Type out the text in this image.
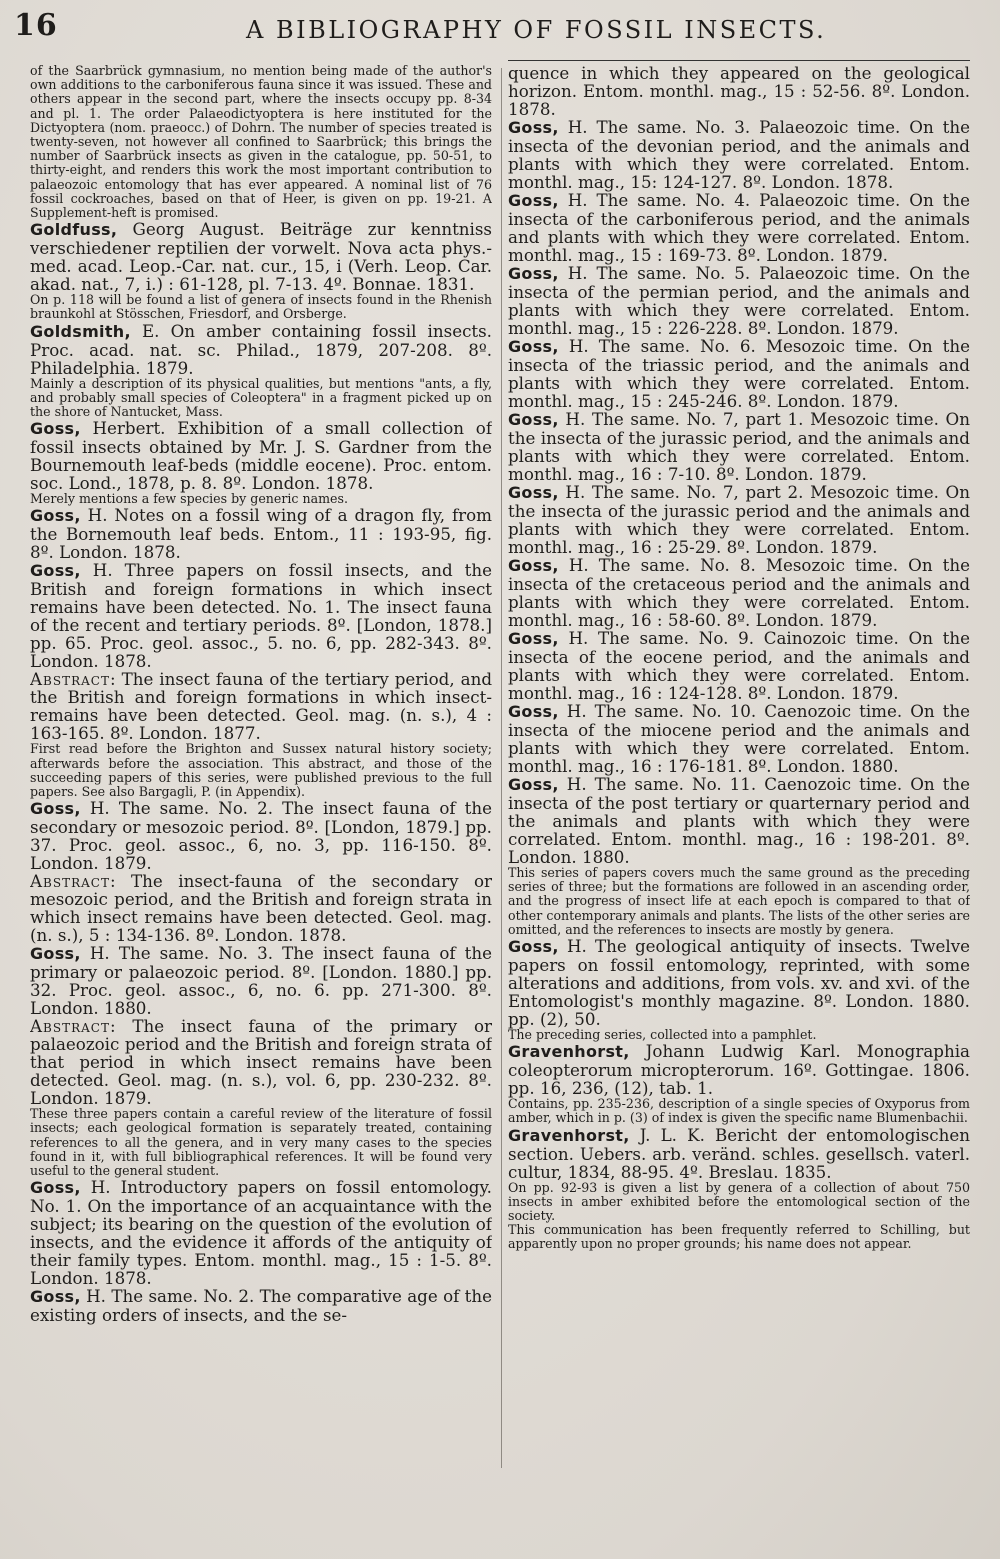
16	A BIBLIOGRAPHY OF FOSSIL INSECTS.

of the Saarbrück gymnasium, no mention being made of the author's own additions to the carboniferous fauna since it was issued. These and others appear in the second part, where the insects occupy pp. 8-34 and pl. 1. The order Palaeodictyoptera is here instituted for the Dictyoptera (nom. praeocc.) of Dohrn. The number of species treated is twenty-seven, not however all confined to Saarbrück; this brings the number of Saarbrück insects as given in the catalogue, pp. 50-51, to thirty-eight, and renders this work the most important contribution to palaeozoic entomology that has ever appeared. A nominal list of 76 fossil cockroaches, based on that of Heer, is given on pp. 19-21. A Supplement-heft is promised.

Goldfuss, Georg August. Beiträge zur kenntniss verschiedener reptilien der vorwelt. Nova acta phys.-med. acad. Leop.-Car. nat. cur., 15, i (Verh. Leop. Car. akad. nat., 7, i.) : 61-128, pl. 7-13. 4º. Bonnae. 1831.

On p. 118 will be found a list of genera of insects found in the Rhenish braunkohl at Stösschen, Friesdorf, and Orsberge.

Goldsmith, E. On amber containing fossil insects. Proc. acad. nat. sc. Philad., 1879, 207-208. 8º. Philadelphia. 1879.

Mainly a description of its physical qualities, but mentions "ants, a fly, and probably small species of Coleoptera" in a fragment picked up on the shore of Nantucket, Mass.

Goss, Herbert. Exhibition of a small collection of fossil insects obtained by Mr. J. S. Gardner from the Bournemouth leaf-beds (middle eocene). Proc. entom. soc. Lond., 1878, p. 8. 8º. London. 1878.

Merely mentions a few species by generic names.

Goss, H. Notes on a fossil wing of a dragon fly, from the Bornemouth leaf beds. Entom., 11 : 193-95, fig. 8º. London. 1878.

Goss, H. Three papers on fossil insects, and the British and foreign formations in which insect remains have been detected. No. 1. The insect fauna of the recent and tertiary periods. 8º. [London, 1878.] pp. 65. Proc. geol. assoc., 5. no. 6, pp. 282-343. 8º. London. 1878.

Abstract: The insect fauna of the tertiary period, and the British and foreign formations in which insect-remains have been detected. Geol. mag. (n. s.), 4 : 163-165. 8º. London. 1877.

First read before the Brighton and Sussex natural history society; afterwards before the association. This abstract, and those of the succeeding papers of this series, were published previous to the full papers. See also Bargagli, P. (in Appendix).

Goss, H. The same. No. 2. The insect fauna of the secondary or mesozoic period. 8º. [London, 1879.] pp. 37. Proc. geol. assoc., 6, no. 3, pp. 116-150. 8º. London. 1879.

Abstract: The insect-fauna of the secondary or mesozoic period, and the British and foreign strata in which insect remains have been detected. Geol. mag. (n. s.), 5 : 134-136. 8º. London. 1878.

Goss, H. The same. No. 3. The insect fauna of the primary or palaeozoic period. 8º. [London. 1880.] pp. 32. Proc. geol. assoc., 6, no. 6. pp. 271-300. 8º. London. 1880.

Abstract: The insect fauna of the primary or palaeozoic period and the British and foreign strata of that period in which insect remains have been detected. Geol. mag. (n. s.), vol. 6, pp. 230-232. 8º. London. 1879.

These three papers contain a careful review of the literature of fossil insects; each geological formation is separately treated, containing references to all the genera, and in very many cases to the species found in it, with full bibliographical references. It will be found very useful to the general student.

Goss, H. Introductory papers on fossil entomology. No. 1. On the importance of an acquaintance with the subject; its bearing on the question of the evolution of insects, and the evidence it affords of the antiquity of their family types. Entom. monthl. mag., 15 : 1-5. 8º. London. 1878.

Goss, H. The same. No. 2. The comparative age of the existing orders of insects, and the se-

quence in which they appeared on the geological horizon. Entom. monthl. mag., 15 : 52-56. 8º. London. 1878.

Goss, H. The same. No. 3. Palaeozoic time. On the insecta of the devonian period, and the animals and plants with which they were correlated. Entom. monthl. mag., 15: 124-127. 8º. London. 1878.

Goss, H. The same. No. 4. Palaeozoic time. On the insecta of the carboniferous period, and the animals and plants with which they were correlated. Entom. monthl. mag., 15 : 169-73. 8º. London. 1879.

Goss, H. The same. No. 5. Palaeozoic time. On the insecta of the permian period, and the animals and plants with which they were correlated. Entom. monthl. mag., 15 : 226-228. 8º. London. 1879.

Goss, H. The same. No. 6. Mesozoic time. On the insecta of the triassic period, and the animals and plants with which they were correlated. Entom. monthl. mag., 15 : 245-246. 8º. London. 1879.

Goss, H. The same. No. 7, part 1. Mesozoic time. On the insecta of the jurassic period, and the animals and plants with which they were correlated. Entom. monthl. mag., 16 : 7-10. 8º. London. 1879.

Goss, H. The same. No. 7, part 2. Mesozoic time. On the insecta of the jurassic period and the animals and plants with which they were correlated. Entom. monthl. mag., 16 : 25-29. 8º. London. 1879.

Goss, H. The same. No. 8. Mesozoic time. On the insecta of the cretaceous period and the animals and plants with which they were correlated. Entom. monthl. mag., 16 : 58-60. 8º. London. 1879.

Goss, H. The same. No. 9. Cainozoic time. On the insecta of the eocene period, and the animals and plants with which they were correlated. Entom. monthl. mag., 16 : 124-128. 8º. London. 1879.

Goss, H. The same. No. 10. Caenozoic time. On the insecta of the miocene period and the animals and plants with which they were correlated. Entom. monthl. mag., 16 : 176-181. 8º. London. 1880.

Goss, H. The same. No. 11. Caenozoic time. On the insecta of the post tertiary or quarternary period and the animals and plants with which they were correlated. Entom. monthl. mag., 16 : 198-201. 8º. London. 1880.

This series of papers covers much the same ground as the preceding series of three; but the formations are followed in an ascending order, and the progress of insect life at each epoch is compared to that of other contemporary animals and plants. The lists of the other series are omitted, and the references to insects are mostly by genera.

Goss, H. The geological antiquity of insects. Twelve papers on fossil entomology, reprinted, with some alterations and additions, from vols. xv. and xvi. of the Entomologist's monthly magazine. 8º. London. 1880. pp. (2), 50.

The preceding series, collected into a pamphlet.

Gravenhorst, Johann Ludwig Karl. Monographia coleopterorum micropterorum. 16º. Gottingae. 1806. pp. 16, 236, (12), tab. 1.

Contains, pp. 235-236, description of a single species of Oxyporus from amber, which in p. (3) of index is given the specific name Blumenbachii.

Gravenhorst, J. L. K. Bericht der entomologischen section. Uebers. arb. veränd. schles. gesellsch. vaterl. cultur, 1834, 88-95. 4º. Breslau. 1835.

On pp. 92-93 is given a list by genera of a collection of about 750 insects in amber exhibited before the entomological section of the society.

This communication has been frequently referred to Schilling, but apparently upon no proper grounds; his name does not appear.
